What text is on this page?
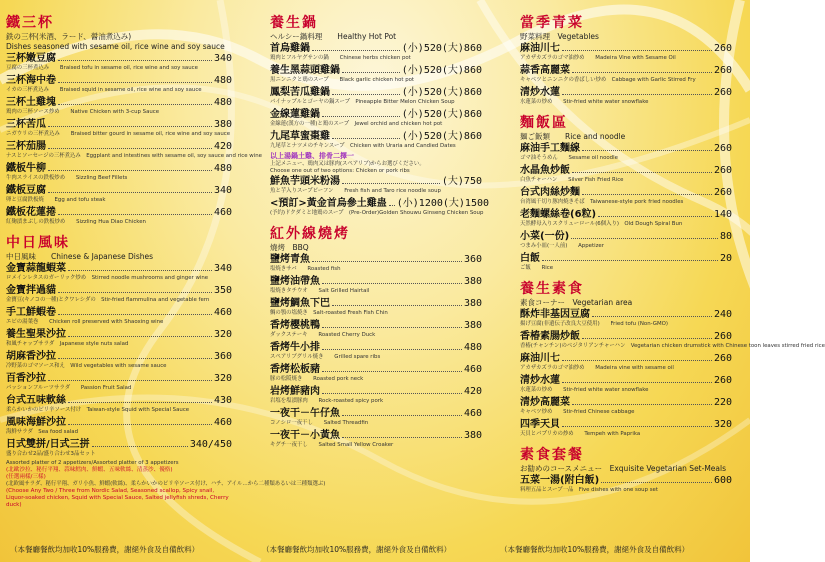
鐵三杯
鉄の三杯(米酒、ラード、醤油煮込み)
Dishes seasoned with sesame oil, rice wine and soy sauce
三杯嫩豆腐	340
豆腐の三杯煮込み　　Braised tofu in sesame oil, rice wine and soy sauce
三杯海中卷	480
イカの三杯煮込み　　Braised squid in sesame oil, rice wine and soy sauce
三杯土雞塊	480
鶏肉の三杯ソース炒め　　Native Chicken with 3-cup Sauce
三杯苦瓜	380
ニガウリの三杯煮込み　　Braised bitter gourd in sesame oil, rice wine and soy sauce
三杯茄腸	420
ナスとソーセージの三杯煮込み　Eggplant and intestines with sesame oil, soy sauce and rice wine
鐵板牛柳	480
牛肉スライスの鉄板炒め　　Sizzling Beef Fillets
鐵板豆腐	340
卵と豆腐鉄板焼　　Egg and tofu steak
鐵板花蓮捲	460
紅麹漬まぶしの鉄板炒め　　Sizzling Hua Diao Chicken
中日風味
中日風味　　Chinese & Japanese Dishes
金寶蒜龍蝦菜	340
ロメインレタスのガーリック炒め　Stirred noodle mushrooms and ginger wine
金寶拌過貓	350
金寶豆(キノコの一種)とクワレシダの　Stir-fried flammulina and vegetable fern
手工鮮蝦卷	460
エビの湯葉巻　　Chicken roll preserved with Shaoxing wine
養生聖果沙拉	320
和風チャップサラダ　Japanese style nuts salad
胡麻香沙拉	360
冷野菜のゴマソース和え　Wild vegetables with sesame sauce
百香沙拉	320
パッションフルーツサラダ　　Passion Fruit Salad
台式五味軟絲	430
柔らかいかのピリ辛ソース付け　Taiwan-style Squid with Special Sauce
風味海鮮沙拉	460
海鮮サラダ　Sea food salad
日式雙拼/日式三拼	340/450
盛り合わせ2品/盛り合わせ3品セット
Assorted platter of 2 appetizers/Assorted platter of 3 appetizers
(北歐沙拉、秘行平翔、蒜味鱈肉、鮮蝦、五味軟絲、清蒸沙、優格)
(任選兩樣/三樣)
(北欧風サラダ、秘行平翔、ガリ小魚、鮮蝦(軟絲)、柔らかいかのピリ辛ソース付け、ハチ、アイル…から二種類あるいは三種類選ぶ)
(Choose Any Two / Three from Nordic Salad, Seasoned scallop, Spicy snail, Liquor-soaked chicken, Squid with Special Sauce, Salted jellyfish shreds, Cherry duck)
養生鍋
ヘルシー鍋料理　　Healthy Hot Pot
首烏雞鍋	(小)520(大)860
鶏肉とフルヤグサンの鍋　　Chinese herbs chicken pot
養生黑蒜頭雞鍋	(小)520(大)860
黒ニンニクと鶏のスープ　　Black garlic chicken hot pot
鳳梨苦瓜雞鍋	(小)520(大)860
パイナップルとゴーヤの鍋スープ　Pineapple Bitter Melon Chicken Soup
金線蓮雞鍋	(小)520(大)860
金線蓮(漢方の一種)と鶏のスープ　Jewel orchid and chicken hot pot
九尾草蜜棗雞	(小)520(大)860
九尾草とナツメのチキンスープ　Chicken with Uraria and Candied Dates
以上湯鍋土雞、排骨二擇一
上記メニュー、鶏肉又は豚肉(スペアリブ)からお選びください。
Choose one out of two options: Chicken or pork ribs
鮮魚芋頭米粉湯	(大)750
魚と芋入りスープビーフン　　Fresh fish and Taro rice noodle soup
<預訂>黃金首烏參土雞蛊 (小)1200(大)1500
(予約)ドクダミと地鶏のスープ　(Pre-Order)Golden Shouwu Ginseng Chicken Soup
紅外線燒烤
燒烤　BBQ
鹽烤青魚	360
塩焼きサバ　　Roasted fish
鹽烤油帶魚	380
塩焼きタチウオ　　Salt Grilled Hairtail
鹽烤鯛魚下巴	380
鯛の顎の塩焼き　Salt-roasted Fresh Fish Chin
香烤櫻桃鴨	380
ダックステーキ　　Roasted Cherry Duck
香烤牛小排	480
スペアリブグリル焼き　　Grilled spare ribs
香烤松板豬	460
豚の松阪焼き　　Roasted pork neck
岩烤鮮豬肉	420
岩塩を塩漬豚肉　　Rock-roasted spicy pork
一夜干－午仔魚	460
コノシロ一夜干し　　Salted Threadfin
一夜干－小黃魚	380
キグチ一夜干し　　Salted Small Yellow Croaker
當季青菜
野菜料理　Vegetables
麻油川七	260
アカザカズラのゴマ油炒め　　Madeira Vine with Sesame Oil
蒜香高麗菜	260
キャベツとニンニクの香ばしい炒め　Cabbage with Garlic Stirred Fry
清炒水蓮	260
水蓮菜の炒め　　Stir-fried white water snowflake
麵飯區
麺ご飯類　　Rice and noodle
麻油手工麵線	260
ゴマ油そうめん　　Sesame oil noodle
水晶魚炒飯	260
白魚チャーハン　　Silver Fish Fried Rice
台式肉絲炒麵	260
台湾風千切り豚肉焼きそば　Taiwanese-style pork fried noodles
老麵螺絲卷(6粒)	140
天然酵母入りスクリューロール(6個入り)　Old Dough Spiral Bun
小菜(一份)	80
つまみ小皿(一人前)　　Appetizer
白飯	20
ご飯　　Rice
養生素食
素食コーナー　Vegetarian area
酥炸非基因豆腐	240
揚げ豆腐(非遺伝子改良大豆使用)　　Fried tofu (Non-GMO)
香椿素腸炒飯	260
香椿(チャンチン)のベジタリアンチャーハン　Vegetarian chicken drumstick with Chinese toon leaves stirred fried rice
麻油川七	260
アカザカズラのゴマ油炒め　　Madeira vine with sesame oil
清炒水蓮	260
水蓮菜の炒め　　Stir-fried white water snowflake
清炒高麗菜	220
キャベツ炒め　　Stir-fried Chinese cabbage
四季天貝	320
天貝とパプリカの炒め　　Tempeh with Paprika
素食套餐
お勧めのコースメニュー　Exquisite Vegetarian Set-Meals
五菜一湯(附白飯)	600
料理五品とスープ一品　Five dishes with one soup set
（本餐廳餐飲均加收10%服務費，謝絕外食及自備飲料）	（本餐廳餐飲均加收10%服務費，謝絕外食及自備飲料）	（本餐廳餐飲均加收10%服務費，謝絕外食及自備飲料）
